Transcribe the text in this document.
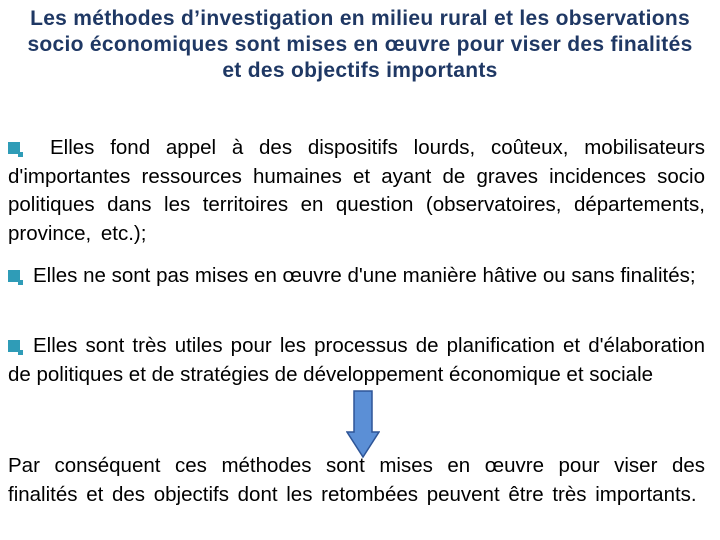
Les méthodes d’investigation en milieu rural et les observations socio économiques sont mises en œuvre pour viser des finalités et des objectifs importants
Elles fond appel à des dispositifs lourds, coûteux, mobilisateurs d'importantes ressources humaines et ayant de graves incidences socio politiques dans les territoires en question (observatoires, départements, province, etc.);
Elles ne sont pas mises en œuvre d'une manière hâtive ou sans finalités;
Elles sont très utiles pour les processus de planification et d'élaboration de politiques et de stratégies de développement économique et sociale
Par conséquent ces méthodes sont mises en œuvre pour viser des finalités et des objectifs dont les retombées peuvent être très importants.
